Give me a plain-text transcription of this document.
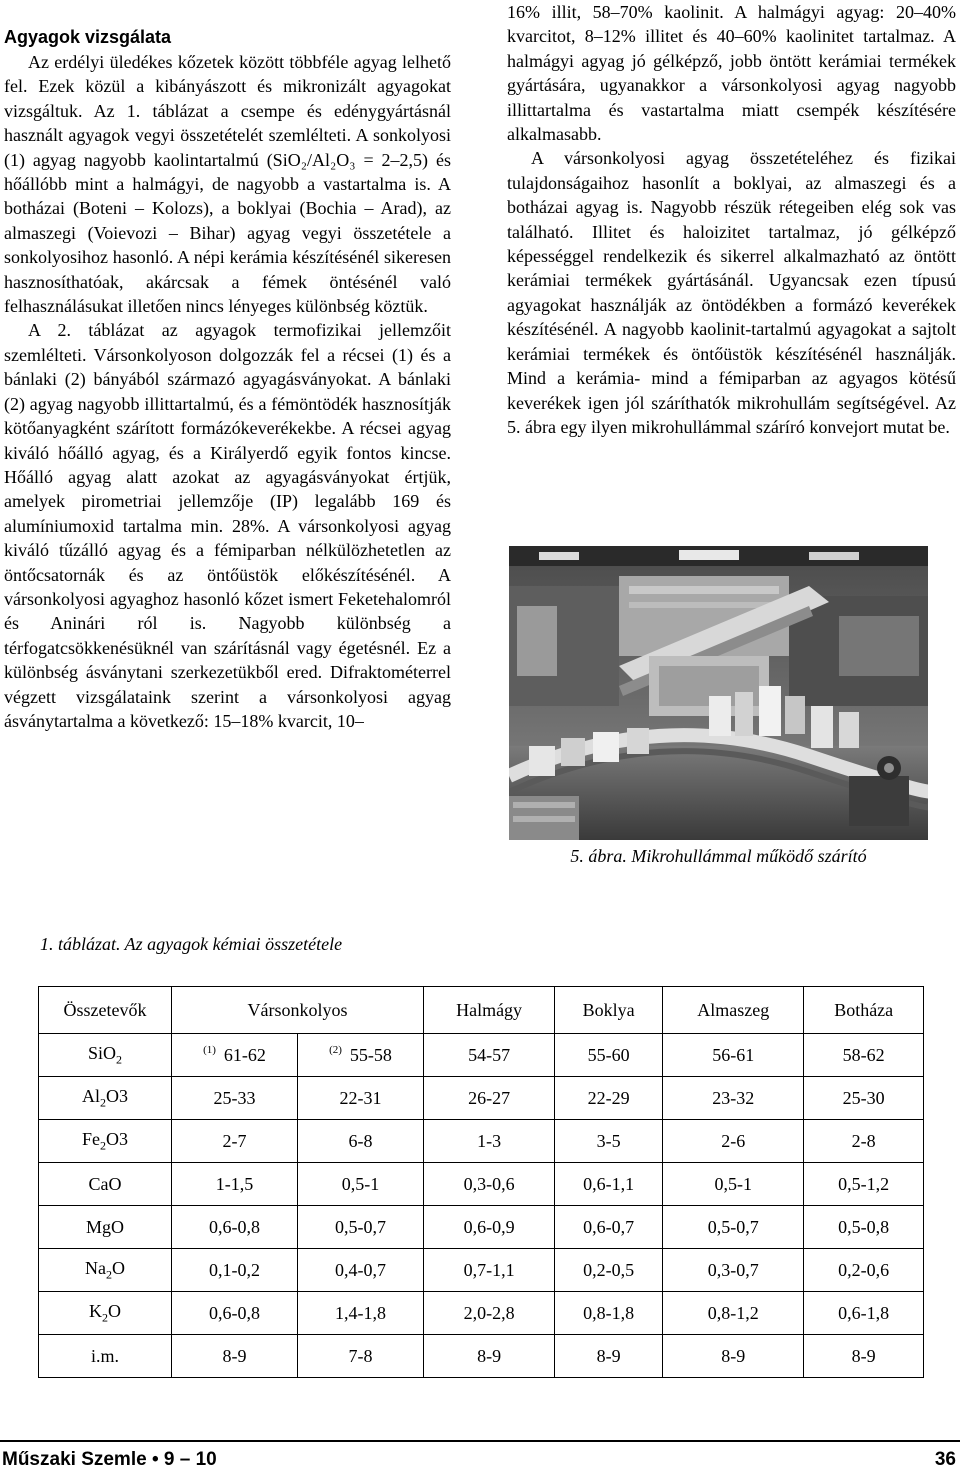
Agyagok vizsgálata

Az erdélyi üledékes kőzetek között többféle agyag lelhető fel. Ezek közül a kibányászott és mikronizált agyagokat vizsgáltuk. Az 1. táblázat a csempe és edénygyártásnál használt agyagok vegyi összetételét szemlélteti. A sonkolyosi (1) agyag nagyobb kaolintartalmú (SiO₂/Al₂O₃ = 2–2,5) és hőállóbb mint a halmágyi, de nagyobb a vastartalma is. A botházai (Boteni – Kolozs), a boklyai (Bochia – Arad), az almaszegi (Voievozi – Bihar) agyag vegyi összetétele a sonkolyosihoz hasonló. A népi kerámia készítésénél sikeresen hasznosíthatóak, akárcsak a fémek öntésénél való felhasználásukat illetően nincs lényeges különbség köztük.

A 2. táblázat az agyagok termofizikai jellemzőit szemlélteti. Vársonkolyoson dolgozzák fel a récsei (1) és a bánlaki (2) bányából származó agyagásványokat. A bánlaki (2) agyag nagyobb illittartalmú, és a fémöntödék hasznosítják kötőanyagként szárított formázókeverékekbe. A récsei agyag kiváló hőálló agyag, és a Királyerdő egyik fontos kincse. Hőálló agyag alatt azokat az agyagásványokat értjük, amelyek pirometriai jellemzője (IP) legalább 169 és alumíniumoxid tartalma min. 28%. A vársonkolyosi agyag kiváló tűzálló agyag és a fémiparban nélkülözhetetlen az öntőcsatornák és az öntőüstök előkészítésénél. A vársonkolyosi agyaghoz hasonló kőzet ismert Feketehalomról és Aninári ról is. Nagyobb különbség a térfogatcsökkenésüknél van szárításnál vagy égetésnél. Ez a különbség ásványtani szerkezetükből ered. Difraktométerrel végzett vizsgálataink szerint a vársonkolyosi agyag ásványtartalma a következő: 15–18% kvarcit, 10–

16% illit, 58–70% kaolinit. A halmágyi agyag: 20–40% kvarcitot, 8–12% illitet és 40–60% kaolinitet tartalmaz. A halmágyi agyag jó gélképző, jobb öntött kerámiai termékek gyártására, ugyanakkor a vársonkolyosi agyag nagyobb illittartalma és vastartalma miatt csempék készítésére alkalmasabb.

A vársonkolyosi agyag összetételéhez és fizikai tulajdonságaihoz hasonlít a boklyai, az almaszegi és a botházai agyag is. Nagyobb részük rétegeiben elég sok vas található. Illitet és haloizitet tartalmaz, jó gélképző képességgel rendelkezik és sikerrel alkalmazható az öntött kerámiai termékek gyártásánál. Ugyancsak ezen típusú agyagokat használják az öntödékben a formázó keverékek készítésénél. A nagyobb kaolinit-tartalmú agyagokat a sajtolt kerámiai termékek és öntőüstök készítésénél használják. Mind a kerámia- mind a fémiparban az agyagos kötésű keverékek igen jól száríthatók mikrohullám segítségével. Az 5. ábra egy ilyen mikrohullámmal száríró konvejort mutat be.

5. ábra. Mikrohullámmal működő szárító
1. táblázat. Az agyagok kémiai összetétele
Összetevők	Vársonkolyos		Halmágy	Boklya	Almaszeg	Botháza
SiO$_2$	$^{(1)}$ 61-62	$^{(2)}$ 55-58	54-57	55-60	56-61	58-62
$Al_2O3$	25-33	22-31	26-27	22-29	23-32	25-30
$Fe_2O3$	2-7	6-8	1-3	3-5	2-6	2-8
CaO	1-1,5	0,5-1	0,3-0,6	0,6-1,1	0,5-1	0,5-1,2
MgO	0,6-0,8	0,5-0,7	0,6-0,9	0,6-0,7	0,5-0,7	0,5-0,8
$Na_2O$	0,1-0,2	0,4-0,7	0,7-1,1	0,2-0,5	0,3-0,7	0,2-0,6
$K_2O$	0,6-0,8	1,4-1,8	2,0-2,8	0,8-1,8	0,8-1,2	0,6-1,8
i.m.	8-9	7-8	8-9	8-9	8-9	8-9
Műszaki Szemle • 9 – 10	36
